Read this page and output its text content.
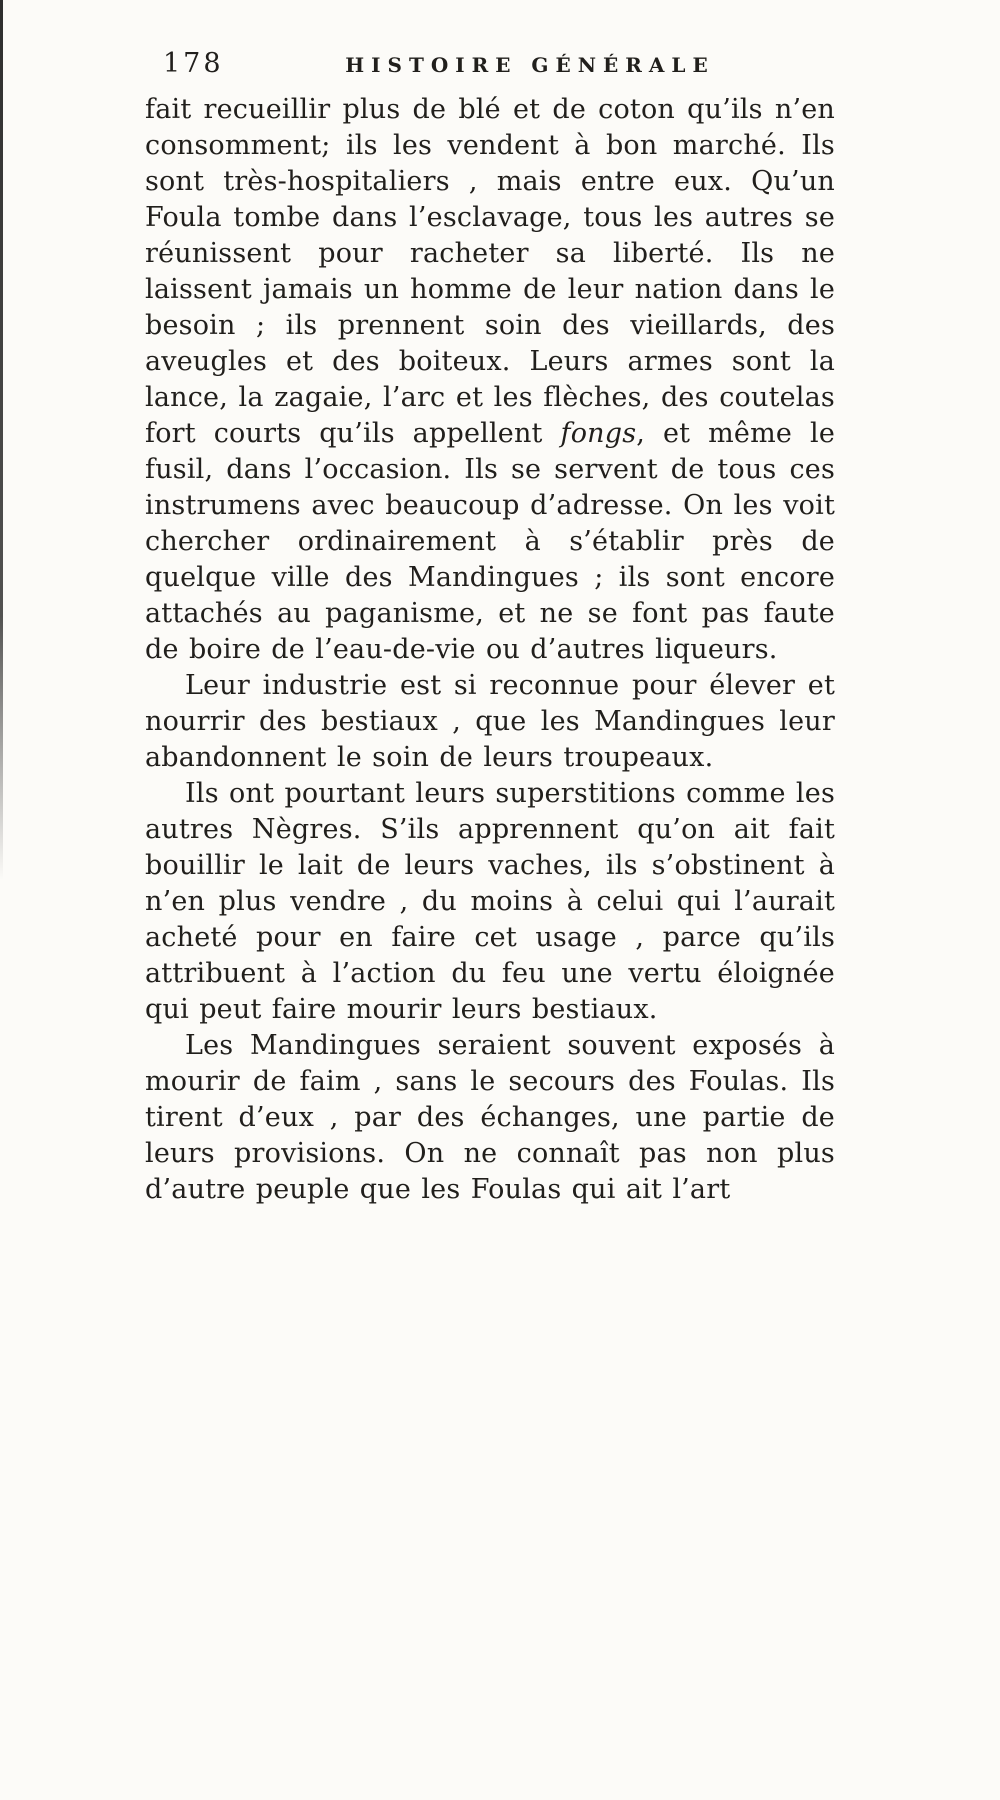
178	HISTOIRE GÉNÉRALE

fait recueillir plus de blé et de coton qu’ils n’en consomment; ils les vendent à bon marché. Ils sont très-hospitaliers , mais entre eux. Qu’un Foula tombe dans l’esclavage, tous les autres se réunissent pour racheter sa liberté. Ils ne laissent jamais un homme de leur nation dans le besoin ; ils prennent soin des vieillards, des aveugles et des boiteux. Leurs armes sont la lance, la zagaie, l’arc et les flèches, des coutelas fort courts qu’ils appellent fongs, et même le fusil, dans l’occasion. Ils se servent de tous ces instrumens avec beaucoup d’adresse. On les voit chercher ordinairement à s’établir près de quelque ville des Mandingues ; ils sont encore attachés au paganisme, et ne se font pas faute de boire de l’eau-de-vie ou d’autres liqueurs.

Leur industrie est si reconnue pour élever et nourrir des bestiaux , que les Mandingues leur abandonnent le soin de leurs troupeaux.

Ils ont pourtant leurs superstitions comme les autres Nègres. S’ils apprennent qu’on ait fait bouillir le lait de leurs vaches, ils s’obstinent à n’en plus vendre , du moins à celui qui l’aurait acheté pour en faire cet usage , parce qu’ils attribuent à l’action du feu une vertu éloignée qui peut faire mourir leurs bestiaux.

Les Mandingues seraient souvent exposés à mourir de faim , sans le secours des Foulas. Ils tirent d’eux , par des échanges, une partie de leurs provisions. On ne connaît pas non plus d’autre peuple que les Foulas qui ait l’art
